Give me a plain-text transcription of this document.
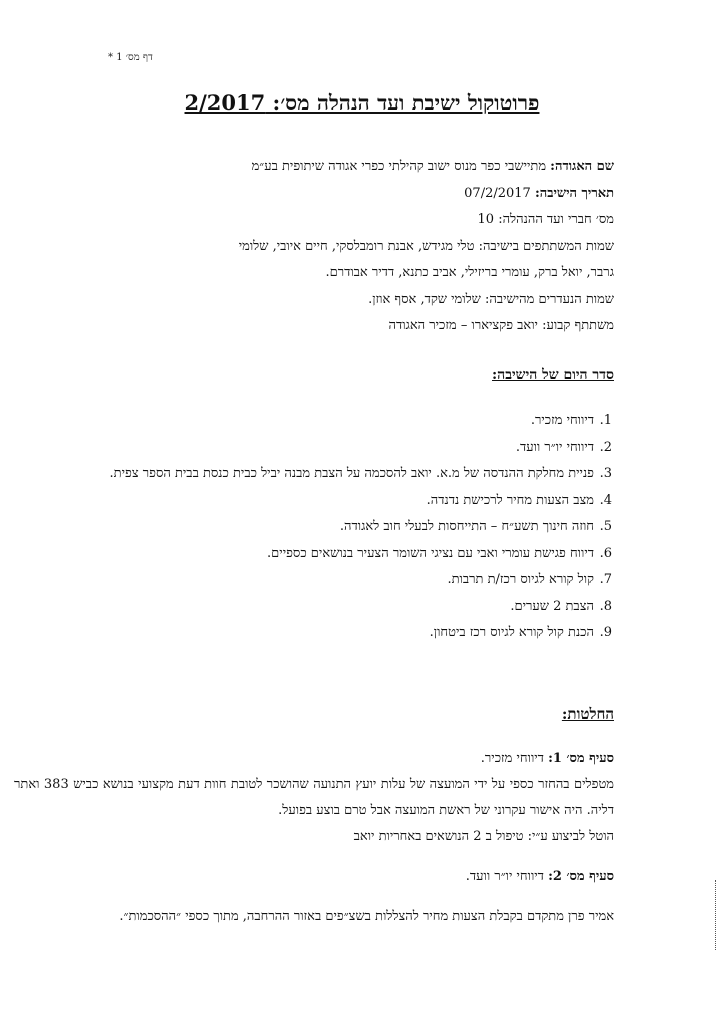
דף מס׳ 1 *
פרוטוקול ישיבת ועד הנהלה מס׳: 2/2017
שם האגודה: מתיישבי כפר מנוס ישוב קהילתי כפרי אגודה שיתופית בע״מ
תאריך הישיבה: 07/2/2017
מס׳ חברי ועד ההנהלה: 10
שמות המשתתפים בישיבה: טלי מגידש, אבנת רומבלסקי, חיים איובי, שלומי
גרבר, יואל ברק, עומרי בריזילי, אביב כתנא, דדיר אבודרם.
שמות הנעדרים מהישיבה: שלומי שקד, אסף אוזן.
משתתף קבוע: יואב פקציארו – מזכיר האגודה
סדר היום של הישיבה:
1.
דיווחי מזכיר.
2.
דיווחי יו״ר וועד.
3.
פניית מחלקת ההנדסה של מ.א. יואב להסכמה על הצבת מבנה יביל כבית כנסת בבית הספר צפית.
4.
מצב הצעות מחיר לרכישת נדנדה.
5.
חוזה חינוך תשע״ח – התייחסות לבעלי חוב לאגודה.
6.
דיווח פגישת עומרי ואבי עם נציגי השומר הצעיר בנושאים כספיים.
7.
קול קורא לגיוס רכז/ת תרבות.
8.
הצבת 2 שערים.
9.
הכנת קול קורא לגיוס רכז ביטחון.
החלטות:

סעיף מס׳ 1: דיווחי מזכיר.

מטפלים בהחזר כספי על ידי המועצה של עלות יועץ התנועה שהושכר לטובת חוות דעת מקצועי בנושא כביש 383 ואתר דליה. היה אישור עקרוני של ראשת המועצה אבל טרם בוצע בפועל.

הוטל לביצוע ע״י: טיפול ב 2 הנושאים באחריות יואב

סעיף מס׳ 2: דיווחי יו״ר וועד.

אמיר פרן מתקדם בקבלת הצעות מחיר להצללות בשצ״פים באזור ההרחבה, מתוך כספי ״ההסכמות״.
